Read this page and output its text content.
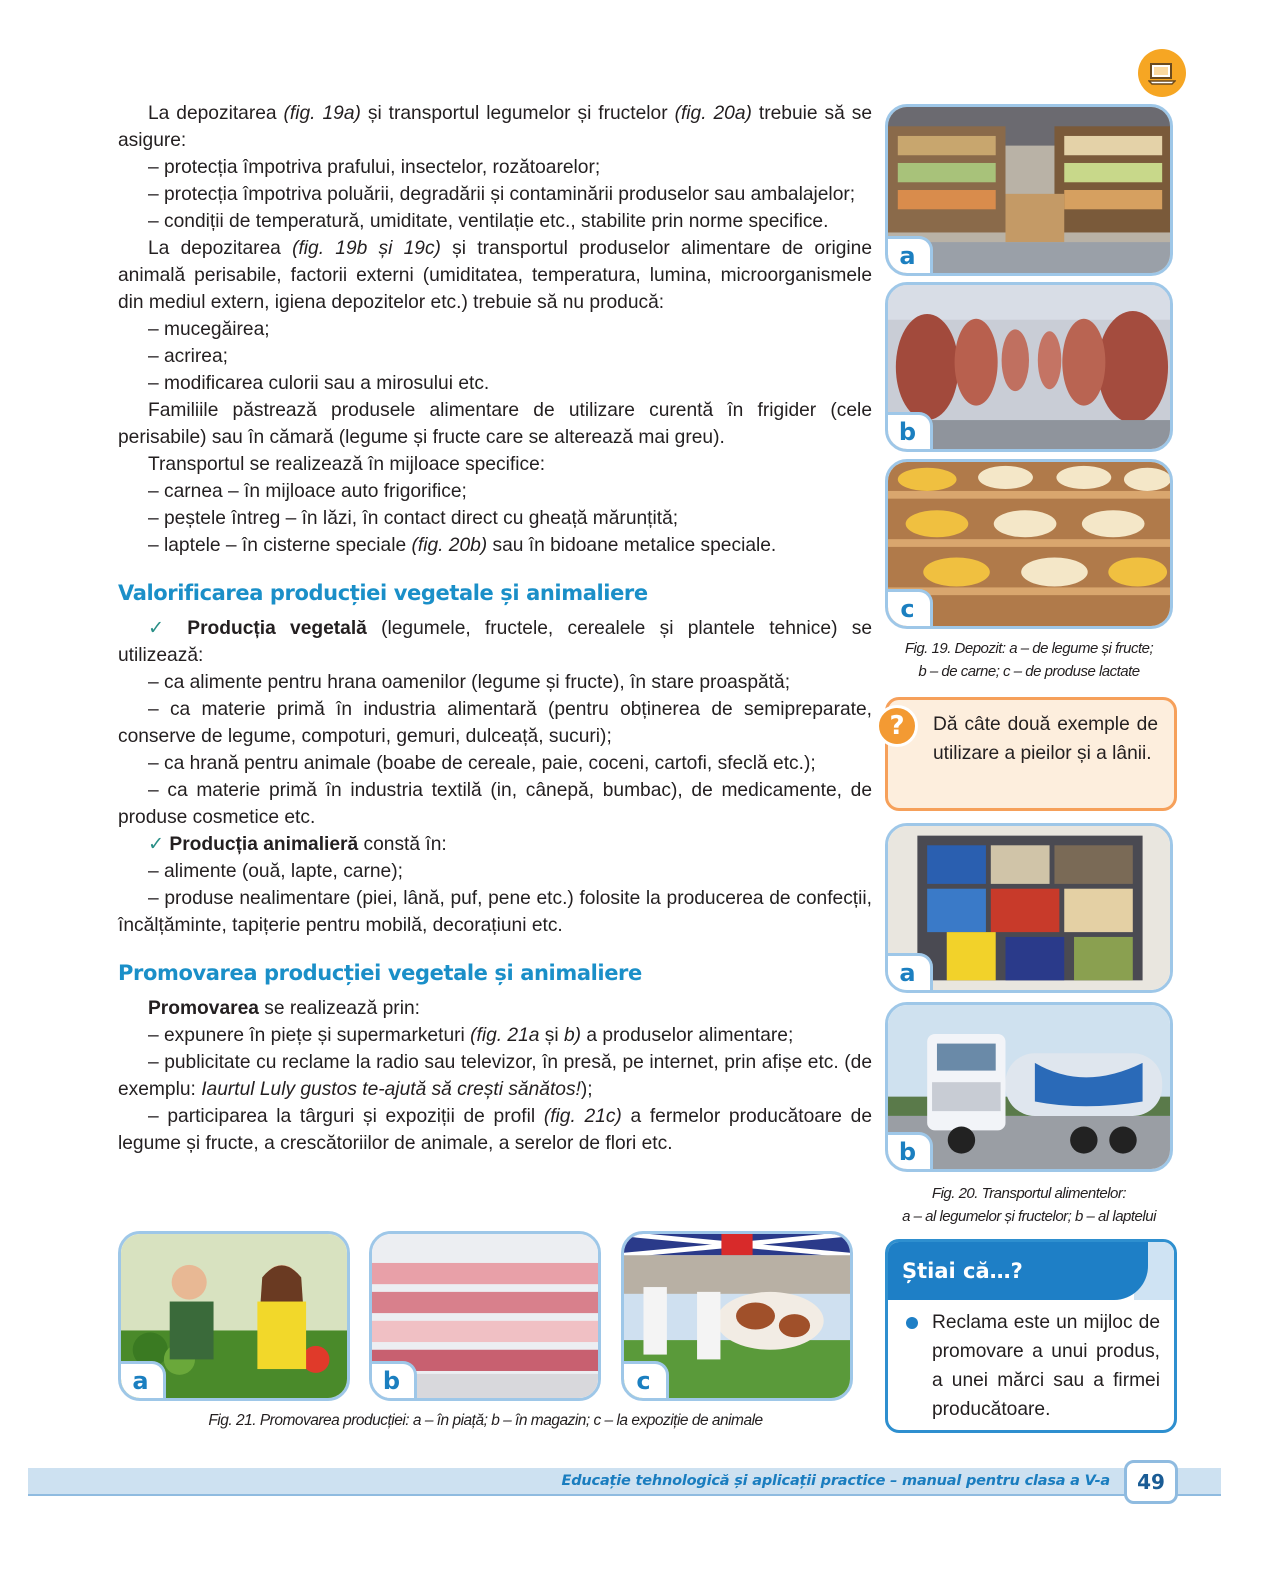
La depozitarea (fig. 19a) și transportul legumelor și fructelor (fig. 20a) trebuie să se asigure:

– protecția împotriva prafului, insectelor, rozătoarelor;

– protecția împotriva poluării, degradării și contaminării produselor sau ambalajelor;

– condiții de temperatură, umiditate, ventilație etc., stabilite prin norme specifice.

La depozitarea (fig. 19b și 19c) și transportul produselor alimentare de origine animală perisabile, factorii externi (umiditatea, temperatura, lumina, microorganismele din mediul extern, igiena depozitelor etc.) trebuie să nu producă:

– mucegăirea;

– acrirea;

– modificarea culorii sau a mirosului etc.

Familiile păstrează produsele alimentare de utilizare curentă în frigider (cele perisabile) sau în cămară (legume și fructe care se alterează mai greu).

Transportul se realizează în mijloace specifice:

– carnea – în mijloace auto frigorifice;

– peștele întreg – în lăzi, în contact direct cu gheață mărunțită;

– laptele – în cisterne speciale (fig. 20b) sau în bidoane metalice speciale.

Valorificarea producției vegetale și animaliere

✓ Producția vegetală (legumele, fructele, cerealele și plantele tehnice) se utilizează:

– ca alimente pentru hrana oamenilor (legume și fructe), în stare proaspătă;

– ca materie primă în industria alimentară (pentru obținerea de semipreparate, conserve de legume, compoturi, gemuri, dulceață, sucuri);

– ca hrană pentru animale (boabe de cereale, paie, coceni, cartofi, sfeclă etc.);

– ca materie primă în industria textilă (in, cânepă, bumbac), de medicamente, de produse cosmetice etc.

✓ Producția animalieră constă în:

– alimente (ouă, lapte, carne);

– produse nealimentare (piei, lână, puf, pene etc.) folosite la producerea de confecții, încălțăminte, tapițerie pentru mobilă, decorațiuni etc.

Promovarea producției vegetale și animaliere

Promovarea se realizează prin:

– expunere în piețe și supermarketuri (fig. 21a și b) a produselor alimentare;

– publicitate cu reclame la radio sau televizor, în presă, pe internet, prin afișe etc. (de exemplu: Iaurtul Luly gustos te-ajută să crești sănătos!);

– participarea la târguri și expoziții de profil (fig. 21c) a fermelor producătoare de legume și fructe, a crescătoriilor de animale, a serelor de flori etc.

a
b
c
Fig. 19. Depozit: a – de legume și fructe;
b – de carne; c – de produse lactate
?	Dă câte două exemple de utilizare a pieilor și a lânii.
a
b
Fig. 20. Transportul alimentelor:
a – al legumelor și fructelor; b – al laptelui
Știai că…?
Reclama este un mijloc de promovare a unui produs, a unei mărci sau a firmei producătoare.
a	b	c
Fig. 21. Promovarea producției: a – în piață; b – în magazin; c – la expoziție de animale
Educație tehnologică și aplicații practice – manual pentru clasa a V-a	49
